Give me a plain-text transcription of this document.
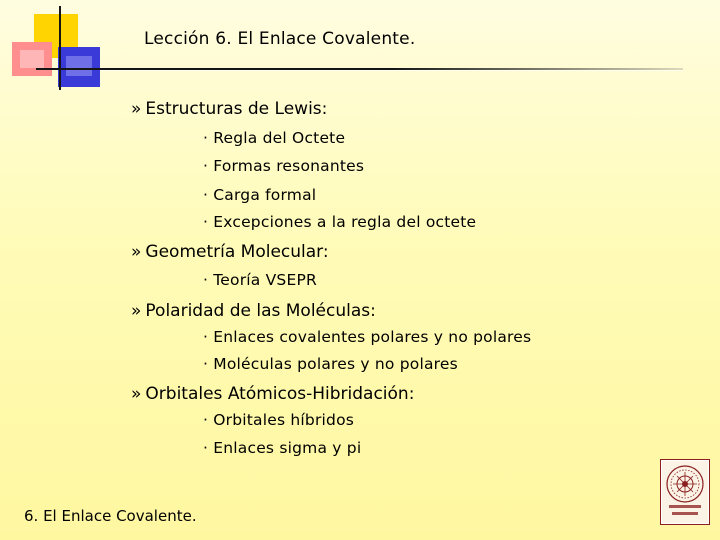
Lección 6. El Enlace Covalente.
» Estructuras de Lewis:
· Regla del Octete
· Formas resonantes
· Carga formal
· Excepciones a la regla del octete
» Geometría Molecular:
· Teoría VSEPR
» Polaridad de las Moléculas:
· Enlaces covalentes polares y no polares
· Moléculas polares y no polares
» Orbitales Atómicos-Hibridación:
· Orbitales híbridos
· Enlaces sigma y pi
6. El Enlace Covalente.
